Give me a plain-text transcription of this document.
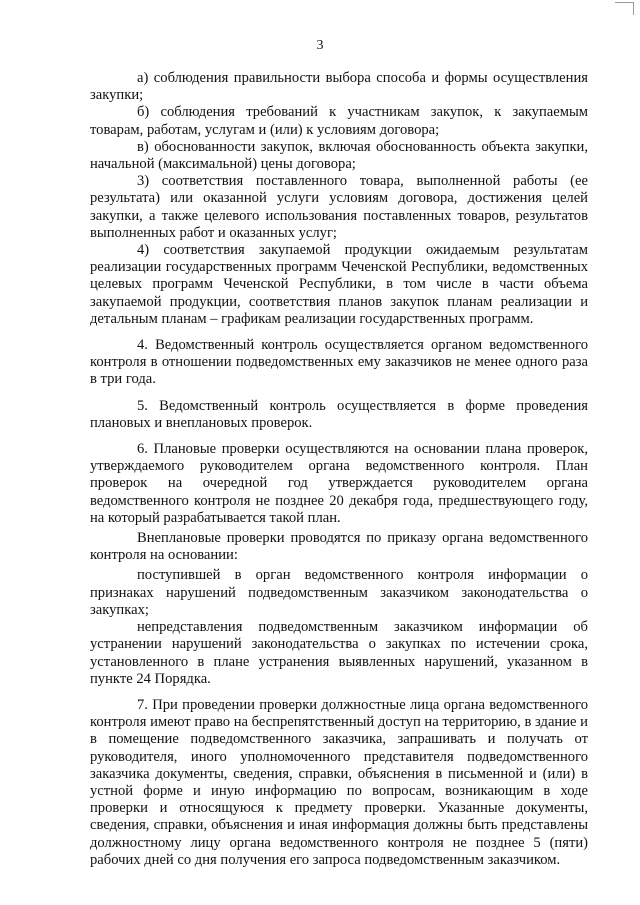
3

а) соблюдения правильности выбора способа и формы осуществления закупки;

б) соблюдения требований к участникам закупок, к закупаемым товарам, работам, услугам и (или) к условиям договора;

в) обоснованности закупок, включая обоснованность объекта закупки, начальной (максимальной) цены договора;

3) соответствия поставленного товара, выполненной работы (ее результата) или оказанной услуги условиям договора, достижения целей закупки, а также целевого использования поставленных товаров, результатов выполненных работ и оказанных услуг;

4) соответствия закупаемой продукции ожидаемым результатам реализации государственных программ Чеченской Республики, ведомственных целевых программ Чеченской Республики, в том числе в части объема закупаемой продукции, соответствия планов закупок планам реализации и детальным планам – графикам реализации государственных программ.

4. Ведомственный контроль осуществляется органом ведомственного контроля в отношении подведомственных ему заказчиков не менее одного раза в три года.

5. Ведомственный контроль осуществляется в форме проведения плановых и внеплановых проверок.

6. Плановые проверки осуществляются на основании плана проверок, утверждаемого руководителем органа ведомственного контроля. План проверок на очередной год утверждается руководителем органа ведомственного контроля не позднее 20 декабря года, предшествующего году, на который разрабатывается такой план.

Внеплановые проверки проводятся по приказу органа ведомственного контроля на основании:

поступившей в орган ведомственного контроля информации о признаках нарушений подведомственным заказчиком законодательства о закупках;

непредставления подведомственным заказчиком информации об устранении нарушений законодательства о закупках по истечении срока, установленного в плане устранения выявленных нарушений, указанном в пункте 24 Порядка.

7. При проведении проверки должностные лица органа ведомственного контроля имеют право на беспрепятственный доступ на территорию, в здание и в помещение подведомственного заказчика, запрашивать и получать от руководителя, иного уполномоченного представителя подведомственного заказчика документы, сведения, справки, объяснения в письменной и (или) в устной форме и иную информацию по вопросам, возникающим в ходе проверки и относящуюся к предмету проверки. Указанные документы, сведения, справки, объяснения и иная информация должны быть представлены должностному лицу органа ведомственного контроля не позднее 5 (пяти) рабочих дней со дня получения его запроса подведомственным заказчиком.
